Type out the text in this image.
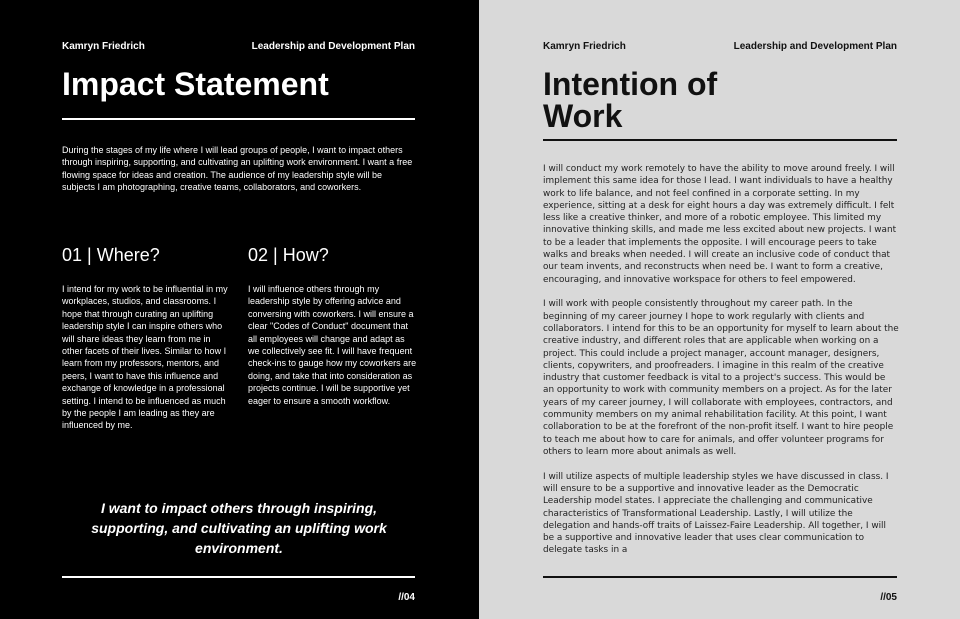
Kamryn Friedrich	Leadership and Development Plan
Impact Statement

During the stages of my life where I will lead groups of people, I want to impact others through inspiring, supporting, and cultivating an uplifting work environment. I want a free flowing space for ideas and creation. The audience of my leadership style will be subjects I am photographing, creative teams, collaborators, and coworkers.

01 | Where?

I intend for my work to be influential in my workplaces, studios, and classrooms. I hope that through curating an uplifting leadership style I can inspire others who will share ideas they learn from me in other facets of their lives. Similar to how I learn from my professors, mentors, and peers, I want to have this influence and exchange of knowledge in a professional setting. I intend to be influenced as much by the people I am leading as they are influenced by me.

02 | How?

I will influence others through my leadership style by offering advice and conversing with coworkers. I will ensure a clear "Codes of Conduct" document that all employees will change and adapt as we collectively see fit. I will have frequent check-ins to gauge how my coworkers are doing, and take that into consideration as projects continue. I will be supportive yet eager to ensure a smooth workflow.

I want to impact others through inspiring, supporting, and cultivating an uplifting work environment.

//04
Kamryn Friedrich	Leadership and Development Plan
Intention of Work

I will conduct my work remotely to have the ability to move around freely. I will implement this same idea for those I lead. I want individuals to have a healthy work to life balance, and not feel confined in a corporate setting. In my experience, sitting at a desk for eight hours a day was extremely difficult. I felt less like a creative thinker, and more of a robotic employee. This limited my innovative thinking skills, and made me less excited about new projects. I want to be a leader that implements the opposite. I will encourage peers to take walks and breaks when needed. I will create an inclusive code of conduct that our team invents, and reconstructs when need be. I want to form a creative, encouraging, and innovative workspace for others to feel empowered.

I will work with people consistently throughout my career path. In the beginning of my career journey I hope to work regularly with clients and collaborators. I intend for this to be an opportunity for myself to learn about the creative industry, and different roles that are applicable when working on a project. This could include a project manager, account manager, designers, clients, copywriters, and proofreaders. I imagine in this realm of the creative industry that customer feedback is vital to a project's success. This would be an opportunity to work with community members on a project. As for the later years of my career journey, I will collaborate with employees, contractors, and community members on my animal rehabilitation facility. At this point, I want collaboration to be at the forefront of the non-profit itself. I want to hire people to teach me about how to care for animals, and offer volunteer programs for others to learn more about animals as well.

I will utilize aspects of multiple leadership styles we have discussed in class. I will ensure to be a supportive and innovative leader as the Democratic Leadership model states. I appreciate the challenging and communicative characteristics of Transformational Leadership. Lastly, I will utilize the delegation and hands-off traits of Laissez-Faire Leadership. All together, I will be a supportive and innovative leader that uses clear communication to delegate tasks in a

//05
